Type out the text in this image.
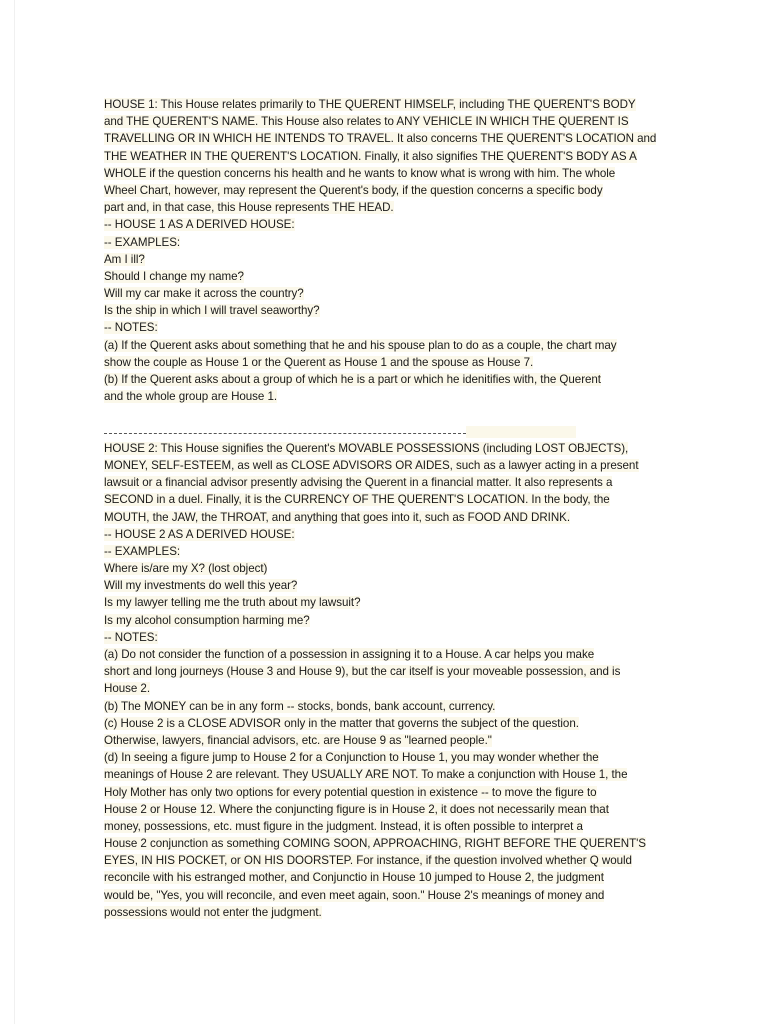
HOUSE 1: This House relates primarily to THE QUERENT HIMSELF, including THE QUERENT'S BODY
and THE QUERENT'S NAME. This House also relates to ANY VEHICLE IN WHICH THE QUERENT IS
TRAVELLING OR IN WHICH HE INTENDS TO TRAVEL. It also concerns THE QUERENT'S LOCATION and
THE WEATHER IN THE QUERENT'S LOCATION. Finally, it also signifies THE QUERENT'S BODY AS A
WHOLE if the question concerns his health and he wants to know what is wrong with him. The whole
Wheel Chart, however, may represent the Querent's body, if the question concerns a specific body
part and, in that case, this House represents THE HEAD.
-- HOUSE 1 AS A DERIVED HOUSE:
-- EXAMPLES:
Am I ill?
Should I change my name?
Will my car make it across the country?
Is the ship in which I will travel seaworthy?
-- NOTES:
(a) If the Querent asks about something that he and his spouse plan to do as a couple, the chart may
show the couple as House 1 or the Querent as House 1 and the spouse as House 7.
(b) If the Querent asks about a group of which he is a part or which he idenitifies with, the Querent
and the whole group are House 1.
HOUSE 2: This House signifies the Querent's MOVABLE POSSESSIONS (including LOST OBJECTS),
MONEY, SELF-ESTEEM, as well as CLOSE ADVISORS OR AIDES, such as a lawyer acting in a present
lawsuit or a financial advisor presently advising the Querent in a financial matter. It also represents a
SECOND in a duel. Finally, it is the CURRENCY OF THE QUERENT'S LOCATION. In the body, the
MOUTH, the JAW, the THROAT, and anything that goes into it, such as FOOD AND DRINK.
-- HOUSE 2 AS A DERIVED HOUSE:
-- EXAMPLES:
Where is/are my X? (lost object)
Will my investments do well this year?
Is my lawyer telling me the truth about my lawsuit?
Is my alcohol consumption harming me?
-- NOTES:
(a) Do not consider the function of a possession in assigning it to a House. A car helps you make
short and long journeys (House 3 and House 9), but the car itself is your moveable possession, and is
House 2.
(b) The MONEY can be in any form -- stocks, bonds, bank account, currency.
(c) House 2 is a CLOSE ADVISOR only in the matter that governs the subject of the question.
Otherwise, lawyers, financial advisors, etc. are House 9 as "learned people."
(d) In seeing a figure jump to House 2 for a Conjunction to House 1, you may wonder whether the
meanings of House 2 are relevant. They USUALLY ARE NOT. To make a conjunction with House 1, the
Holy Mother has only two options for every potential question in existence -- to move the figure to
House 2 or House 12. Where the conjuncting figure is in House 2, it does not necessarily mean that
money, possessions, etc. must figure in the judgment. Instead, it is often possible to interpret a
House 2 conjunction as something COMING SOON, APPROACHING, RIGHT BEFORE THE QUERENT'S
EYES, IN HIS POCKET, or ON HIS DOORSTEP. For instance, if the question involved whether Q would
reconcile with his estranged mother, and Conjunctio in House 10 jumped to House 2, the judgment
would be, "Yes, you will reconcile, and even meet again, soon." House 2's meanings of money and
possessions would not enter the judgment.
